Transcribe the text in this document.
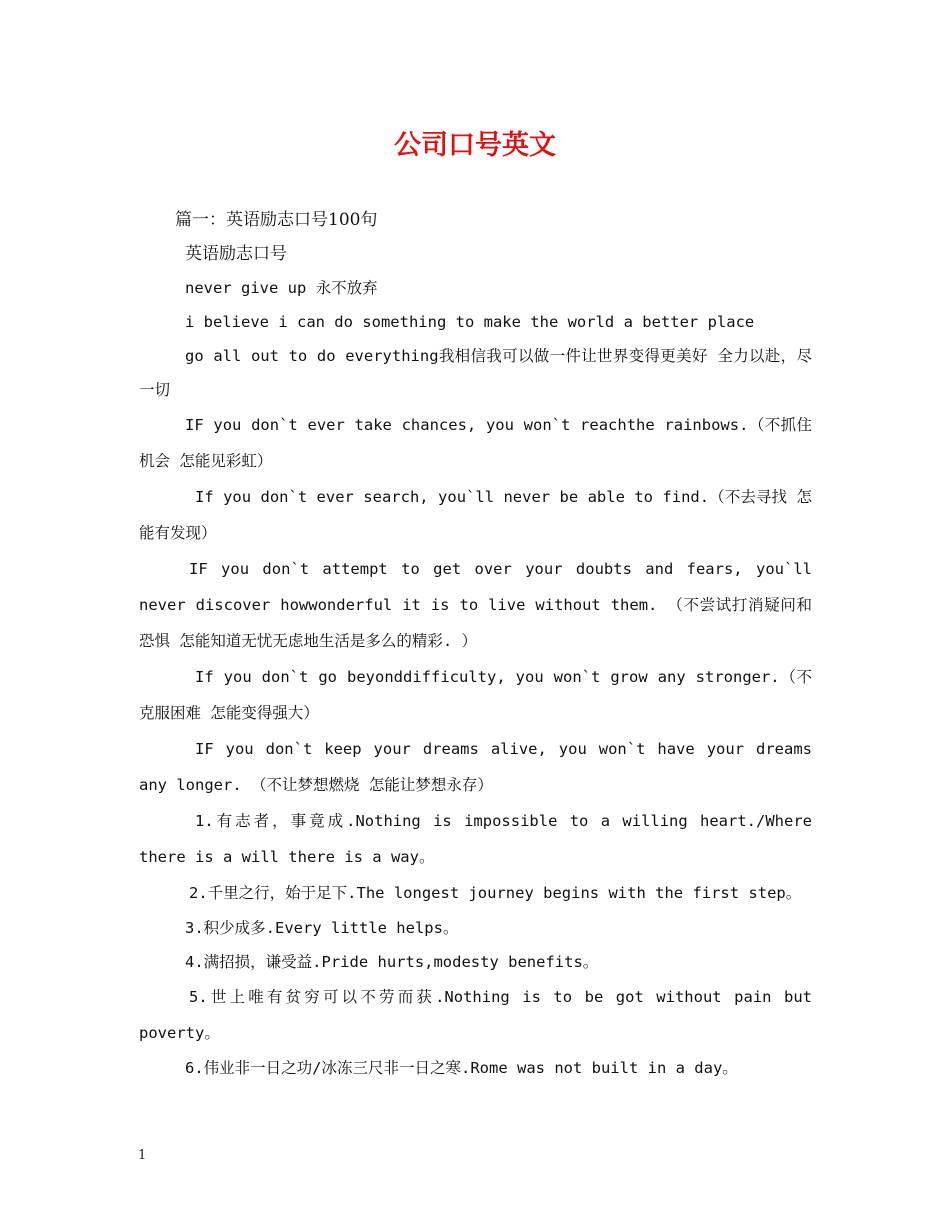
公司口号英文

篇一：英语励志口号100句

英语励志口号

never give up 永不放弃

i believe i can do something to make the world a better place

go all out to do everything我相信我可以做一件让世界变得更美好 全力以赴，尽一切

IF you don`t ever take chances, you won`t reachthe rainbows.（不抓住机会 怎能见彩虹）

If you don`t ever search, you`ll never be able to find.（不去寻找 怎能有发现）

IF you don`t attempt to get over your doubts and fears, you`ll never discover howwonderful it is to live without them. （不尝试打消疑问和恐惧 怎能知道无忧无虑地生活是多么的精彩. ）

If you don`t go beyonddifficulty, you won`t grow any stronger.（不克服困难 怎能变得强大）

IF you don`t keep your dreams alive, you won`t have your dreams any longer. （不让梦想燃烧 怎能让梦想永存）

1.有志者，事竟成.Nothing is impossible to a willing heart./Where there is a will there is a way。

2.千里之行，始于足下.The longest journey begins with the first step。

3.积少成多.Every little helps。

4.满招损，谦受益.Pride hurts,modesty benefits。

5.世上唯有贫穷可以不劳而获.Nothing is to be got without pain but poverty。

6.伟业非一日之功/冰冻三尺非一日之寒.Rome was not built in a day。

1
